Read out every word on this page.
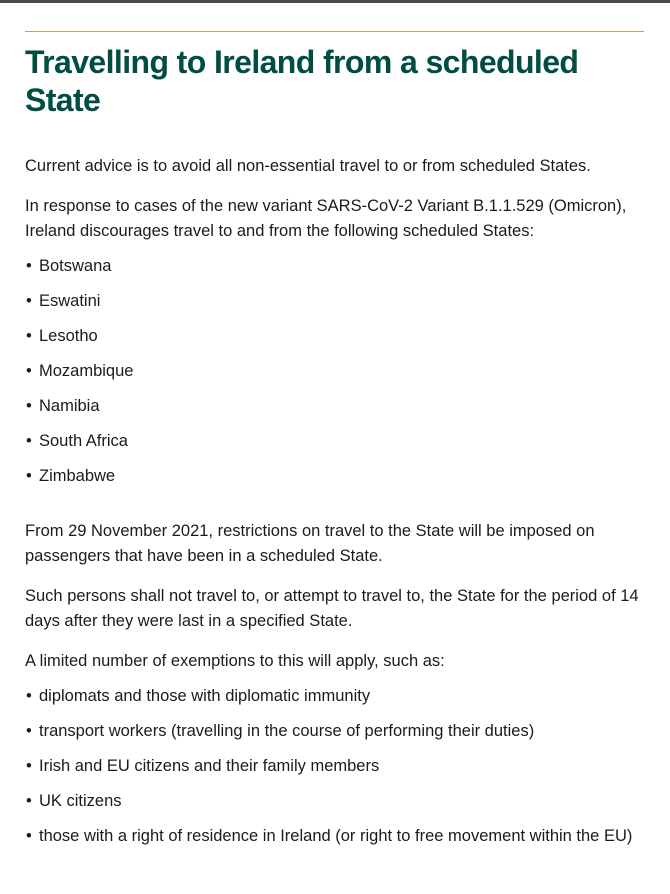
Travelling to Ireland from a scheduled State

Current advice is to avoid all non-essential travel to or from scheduled States.

In response to cases of the new variant SARS-CoV-2 Variant B.1.1.529 (Omicron), Ireland discourages travel to and from the following scheduled States:

• Botswana
• Eswatini
• Lesotho
• Mozambique
• Namibia
• South Africa
• Zimbabwe

From 29 November 2021, restrictions on travel to the State will be imposed on passengers that have been in a scheduled State.

Such persons shall not travel to, or attempt to travel to, the State for the period of 14 days after they were last in a specified State.

A limited number of exemptions to this will apply, such as:

• diplomats and those with diplomatic immunity
• transport workers (travelling in the course of performing their duties)
• Irish and EU citizens and their family members
• UK citizens
• those with a right of residence in Ireland (or right to free movement within the EU)
